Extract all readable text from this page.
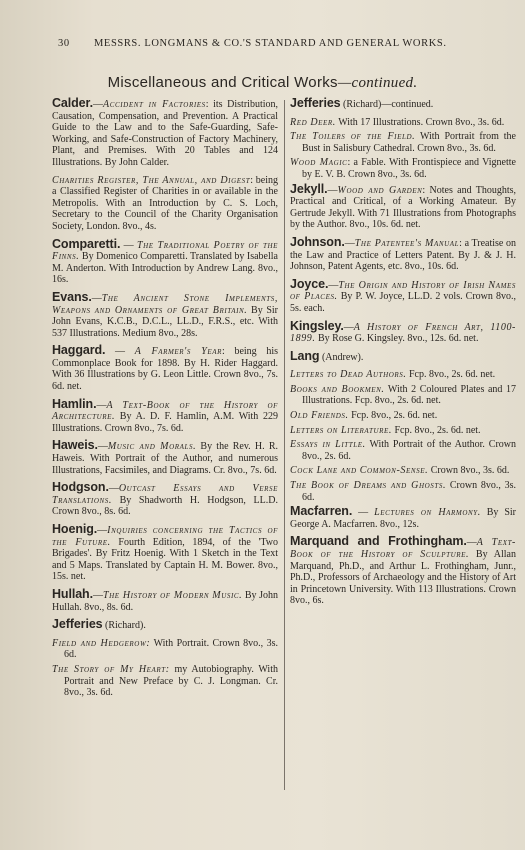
30 MESSRS. LONGMANS & CO.'S STANDARD AND GENERAL WORKS.
Miscellaneous and Critical Works—continued.
Calder.—Accident in Factories: its Distribution, Causation, Compensation, and Prevention. A Practical Guide to the Law and to the Safe-Guarding, Safe-Working, and Safe-Construction of Factory Machinery, Plant, and Premises. With 20 Tables and 124 Illustrations. By John Calder.
Charities Register, The Annual, and Digest: being a Classified Register of Charities in or available in the Metropolis. With an Introduction by C. S. Loch, Secretary to the Council of the Charity Organisation Society, London. 8vo., 4s.
Comparetti. — The Traditional Poetry of the Finns. By Domenico Comparetti. Translated by Isabella M. Anderton. With Introduction by Andrew Lang. 8vo., 16s.
Evans.—The Ancient Stone Implements, Weapons and Ornaments of Great Britain. By Sir John Evans, K.C.B., D.C.L., LL.D., F.R.S., etc. With 537 Illustrations. Medium 8vo., 28s.
Haggard. — A Farmer's Year: being his Commonplace Book for 1898. By H. Rider Haggard. With 36 Illustrations by G. Leon Little. Crown 8vo., 7s. 6d. net.
Hamlin.—A Text-Book of the History of Architecture. By A. D. F. Hamlin, A.M. With 229 Illustrations. Crown 8vo., 7s. 6d.
Haweis.—Music and Morals. By the Rev. H. R. Haweis. With Portrait of the Author, and numerous Illustrations, Facsimiles, and Diagrams. Cr. 8vo., 7s. 6d.
Hodgson.—Outcast Essays and Verse Translations. By Shadworth H. Hodgson, LL.D. Crown 8vo., 8s. 6d.
Hoenig.—Inquiries concerning the Tactics of the Future. Fourth Edition, 1894, of the 'Two Brigades'. By Fritz Hoenig. With 1 Sketch in the Text and 5 Maps. Translated by Captain H. M. Bower. 8vo., 15s. net.
Hullah.—The History of Modern Music. By John Hullah. 8vo., 8s. 6d.
Jefferies (Richard).
Field and Hedgerow: With Portrait. Crown 8vo., 3s. 6d.
The Story of My Heart: my Autobiography. With Portrait and New Preface by C. J. Longman. Cr. 8vo., 3s. 6d.
Jefferies (Richard)—continued.
Red Deer. With 17 Illustrations. Crown 8vo., 3s. 6d.
The Toilers of the Field. With Portrait from the Bust in Salisbury Cathedral. Crown 8vo., 3s. 6d.
Wood Magic: a Fable. With Frontispiece and Vignette by E. V. B. Crown 8vo., 3s. 6d.
Jekyll.—Wood and Garden: Notes and Thoughts, Practical and Critical, of a Working Amateur. By Gertrude Jekyll. With 71 Illustrations from Photographs by the Author. 8vo., 10s. 6d. net.
Johnson.—The Patentee's Manual: a Treatise on the Law and Practice of Letters Patent. By J. & J. H. Johnson, Patent Agents, etc. 8vo., 10s. 6d.
Joyce.—The Origin and History of Irish Names of Places. By P. W. Joyce, LL.D. 2 vols. Crown 8vo., 5s. each.
Kingsley.—A History of French Art, 1100-1899. By Rose G. Kingsley. 8vo., 12s. 6d. net.
Lang (Andrew).
Letters to Dead Authors. Fcp. 8vo., 2s. 6d. net.
Books and Bookmen. With 2 Coloured Plates and 17 Illustrations. Fcp. 8vo., 2s. 6d. net.
Old Friends. Fcp. 8vo., 2s. 6d. net.
Letters on Literature. Fcp. 8vo., 2s. 6d. net.
Essays in Little. With Portrait of the Author. Crown 8vo., 2s. 6d.
Cock Lane and Common-Sense. Crown 8vo., 3s. 6d.
The Book of Dreams and Ghosts. Crown 8vo., 3s. 6d.
Macfarren. — Lectures on Harmony. By Sir George A. Macfarren. 8vo., 12s.
Marquand and Frothingham.—A Text-Book of the History of Sculpture. By Allan Marquand, Ph.D., and Arthur L. Frothingham, Junr., Ph.D., Professors of Archaeology and the History of Art in Princetown University. With 113 Illustrations. Crown 8vo., 6s.
